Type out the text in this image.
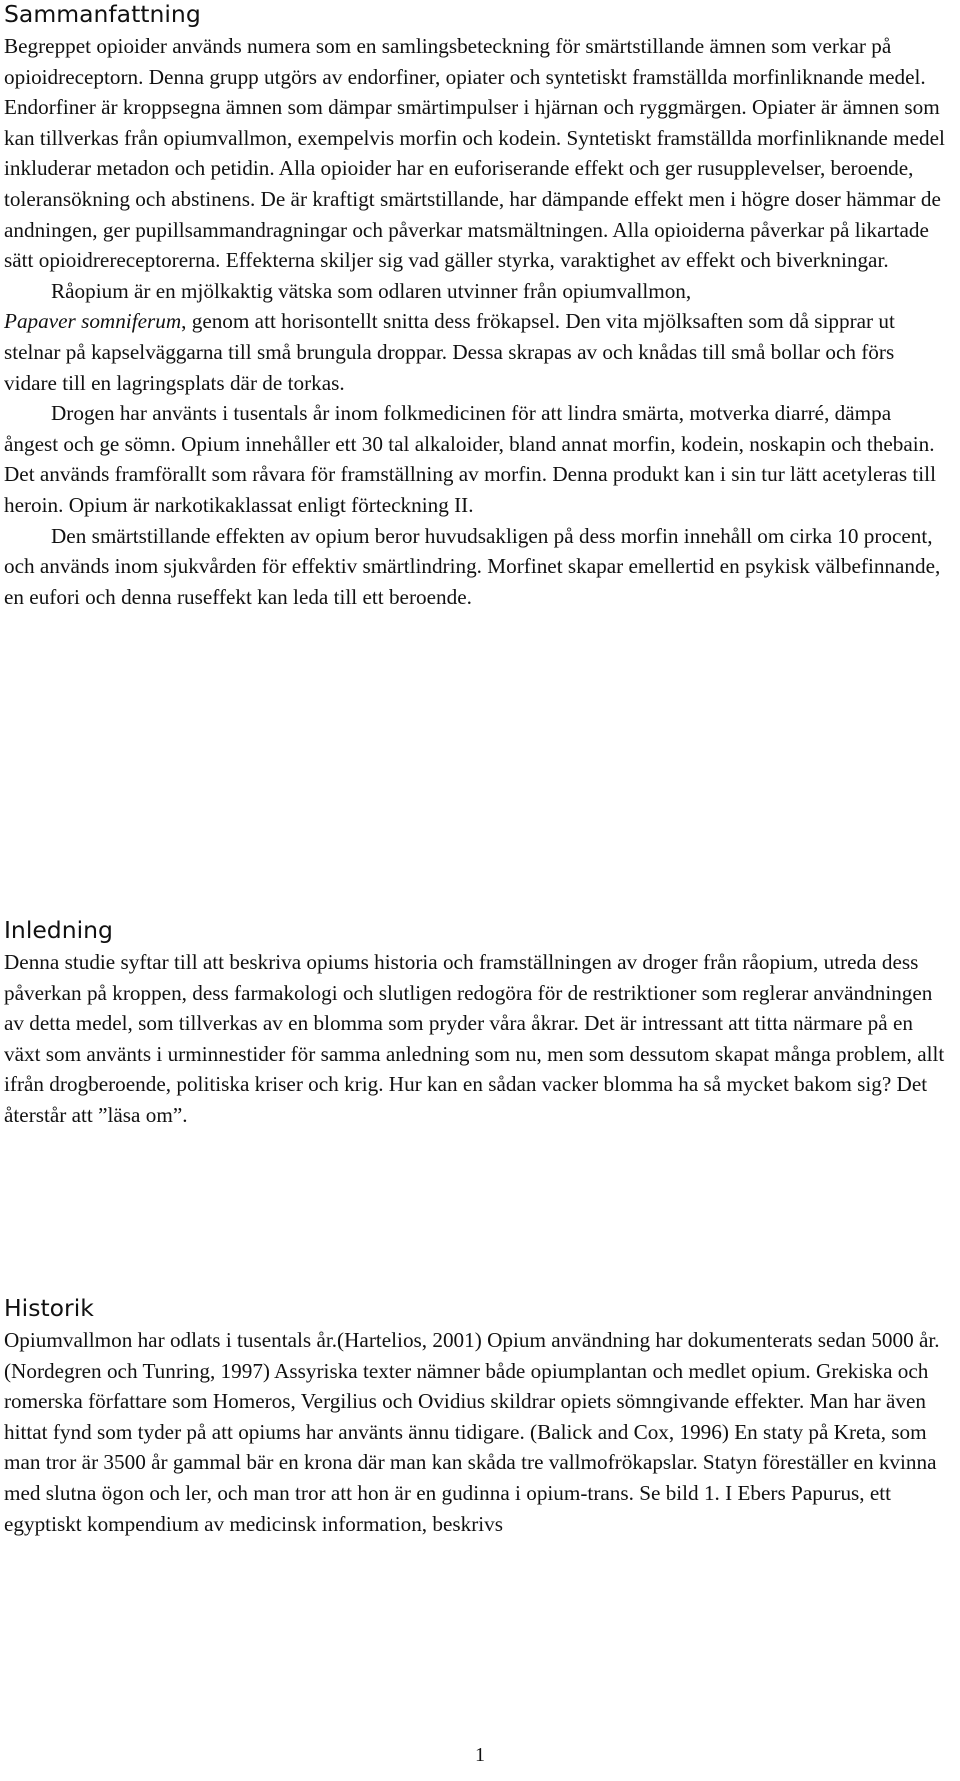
Sammanfattning

Begreppet opioider används numera som en samlingsbeteckning för smärtstillande ämnen som verkar på opioidreceptorn. Denna grupp utgörs av endorfiner, opiater och syntetiskt framställda morfinliknande medel. Endorfiner är kroppsegna ämnen som dämpar smärtimpulser i hjärnan och ryggmärgen. Opiater är ämnen som kan tillverkas från opiumvallmon, exempelvis morfin och kodein. Syntetiskt framställda morfinliknande medel inkluderar metadon och petidin. Alla opioider har en euforiserande effekt och ger rusupplevelser, beroende, toleransökning och abstinens. De är kraftigt smärtstillande, har dämpande effekt men i högre doser hämmar de andningen, ger pupillsammandragningar och påverkar matsmältningen. Alla opioiderna påverkar på likartade sätt opioidrereceptorerna. Effekterna skiljer sig vad gäller styrka, varaktighet av effekt och biverkningar.

Råopium är en mjölkaktig vätska som odlaren utvinner från opiumvallmon,
Papaver somniferum, genom att horisontellt snitta dess frökapsel. Den vita mjölksaften som då sipprar ut stelnar på kapselväggarna till små brungula droppar. Dessa skrapas av och knådas till små bollar och förs vidare till en lagringsplats där de torkas.

Drogen har använts i tusentals år inom folkmedicinen för att lindra smärta, motverka diarré, dämpa ångest och ge sömn. Opium innehåller ett 30 tal alkaloider, bland annat morfin, kodein, noskapin och thebain. Det används framförallt som råvara för framställning av morfin. Denna produkt kan i sin tur lätt acetyleras till heroin. Opium är narkotikaklassat enligt förteckning II.

Den smärtstillande effekten av opium beror huvudsakligen på dess morfin innehåll om cirka 10 procent, och används inom sjukvården för effektiv smärtlindring. Morfinet skapar emellertid en psykisk välbefinnande, en eufori och denna ruseffekt kan leda till ett beroende.

Inledning

Denna studie syftar till att beskriva opiums historia och framställningen av droger från råopium, utreda dess påverkan på kroppen, dess farmakologi och slutligen redogöra för de restriktioner som reglerar användningen av detta medel, som tillverkas av en blomma som pryder våra åkrar. Det är intressant att titta närmare på en växt som använts i urminnestider för samma anledning som nu, men som dessutom skapat många problem, allt ifrån drogberoende, politiska kriser och krig. Hur kan en sådan vacker blomma ha så mycket bakom sig? Det återstår att ”läsa om”.

Historik

Opiumvallmon har odlats i tusentals år.(Hartelios, 2001) Opium användning har dokumenterats sedan 5000 år. (Nordegren och Tunring, 1997) Assyriska texter nämner både opiumplantan och medlet opium. Grekiska och romerska författare som Homeros, Vergilius och Ovidius skildrar opiets sömngivande effekter. Man har även hittat fynd som tyder på att opiums har använts ännu tidigare. (Balick and Cox, 1996) En staty på Kreta, som man tror är 3500 år gammal bär en krona där man kan skåda tre vallmofrökapslar. Statyn föreställer en kvinna med slutna ögon och ler, och man tror att hon är en gudinna i opium-trans. Se bild 1. I Ebers Papurus, ett egyptiskt kompendium av medicinsk information, beskrivs

1
